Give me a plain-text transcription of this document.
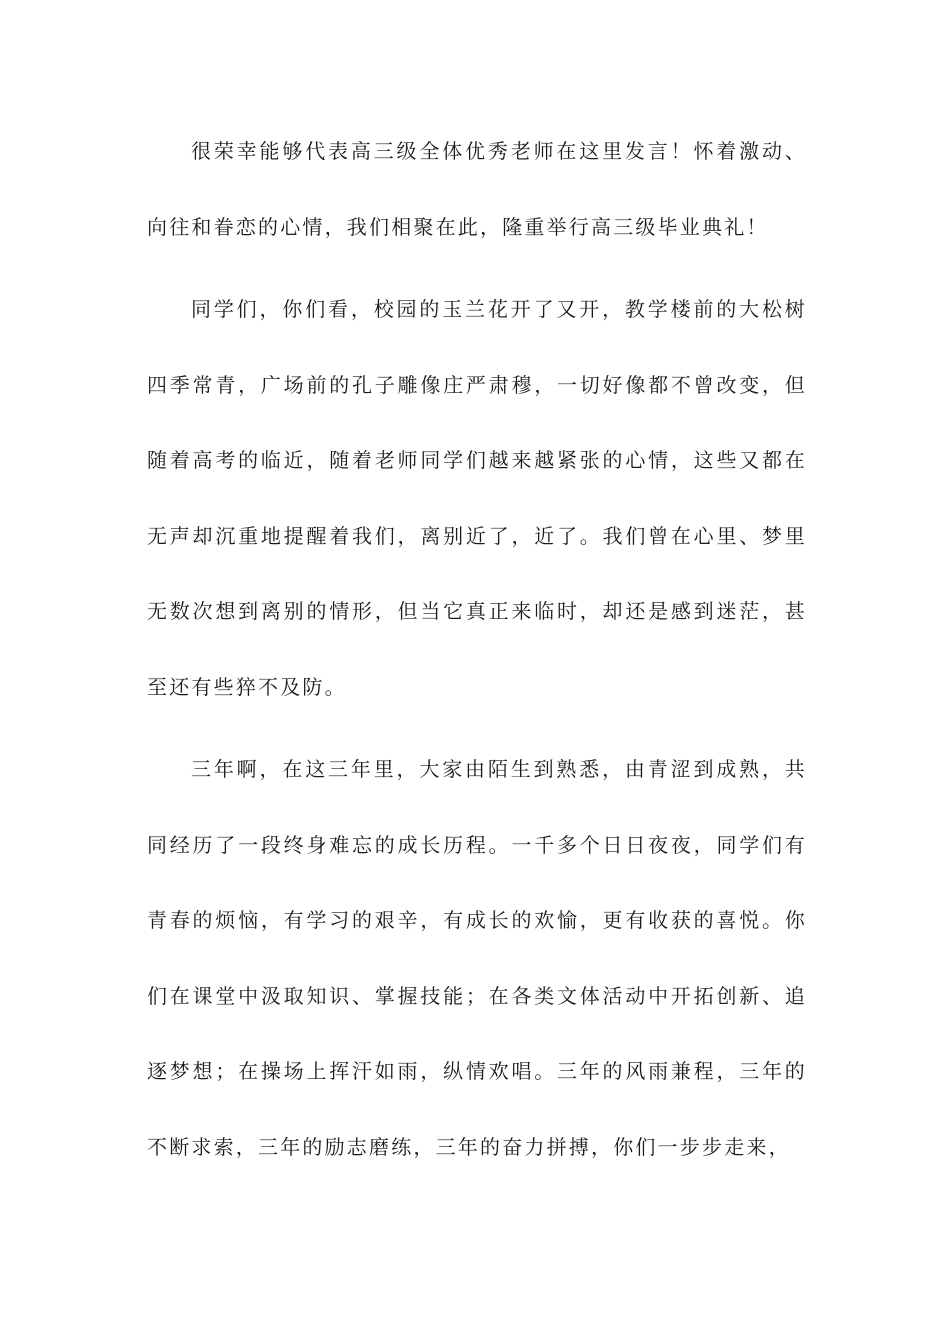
很荣幸能够代表高三级全体优秀老师在这里发言！怀着激动、向往和眷恋的心情，我们相聚在此，隆重举行高三级毕业典礼！

同学们，你们看，校园的玉兰花开了又开，教学楼前的大松树四季常青，广场前的孔子雕像庄严肃穆，一切好像都不曾改变，但随着高考的临近，随着老师同学们越来越紧张的心情，这些又都在无声却沉重地提醒着我们，离别近了，近了。我们曾在心里、梦里无数次想到离别的情形，但当它真正来临时，却还是感到迷茫，甚至还有些猝不及防。

三年啊，在这三年里，大家由陌生到熟悉，由青涩到成熟，共同经历了一段终身难忘的成长历程。一千多个日日夜夜，同学们有青春的烦恼，有学习的艰辛，有成长的欢愉，更有收获的喜悦。你们在课堂中汲取知识、掌握技能；在各类文体活动中开拓创新、追逐梦想；在操场上挥汗如雨，纵情欢唱。三年的风雨兼程，三年的不断求索，三年的励志磨练，三年的奋力拼搏，你们一步步走来，
